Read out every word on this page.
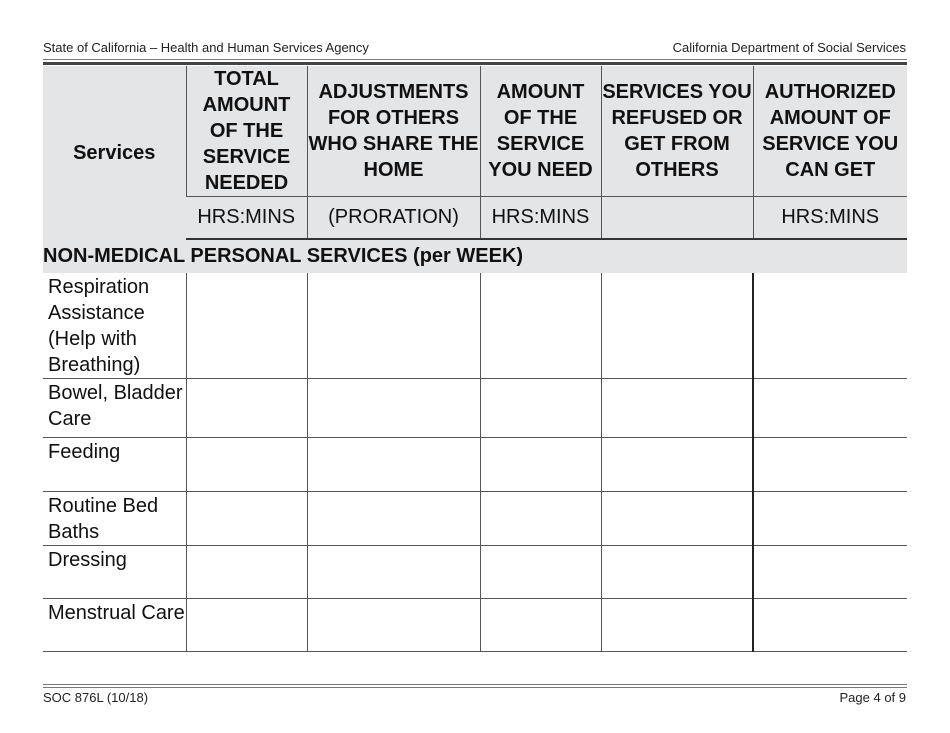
State of California – Health and Human Services Agency	California Department of Social Services
Services	TOTAL AMOUNT OF THE SERVICE NEEDED	ADJUSTMENTS FOR OTHERS WHO SHARE THE HOME	AMOUNT OF THE SERVICE YOU NEED	SERVICES YOU REFUSED OR GET FROM OTHERS	AUTHORIZED AMOUNT OF SERVICE YOU CAN GET
	HRS:MINS	(PRORATION)	HRS:MINS		HRS:MINS
NON-MEDICAL PERSONAL SERVICES (per WEEK)					
Respiration Assistance (Help with Breathing)					
Bowel, Bladder Care					
Feeding					
Routine Bed Baths					
Dressing					
Menstrual Care					
SOC 876L (10/18)	Page 4 of 9
